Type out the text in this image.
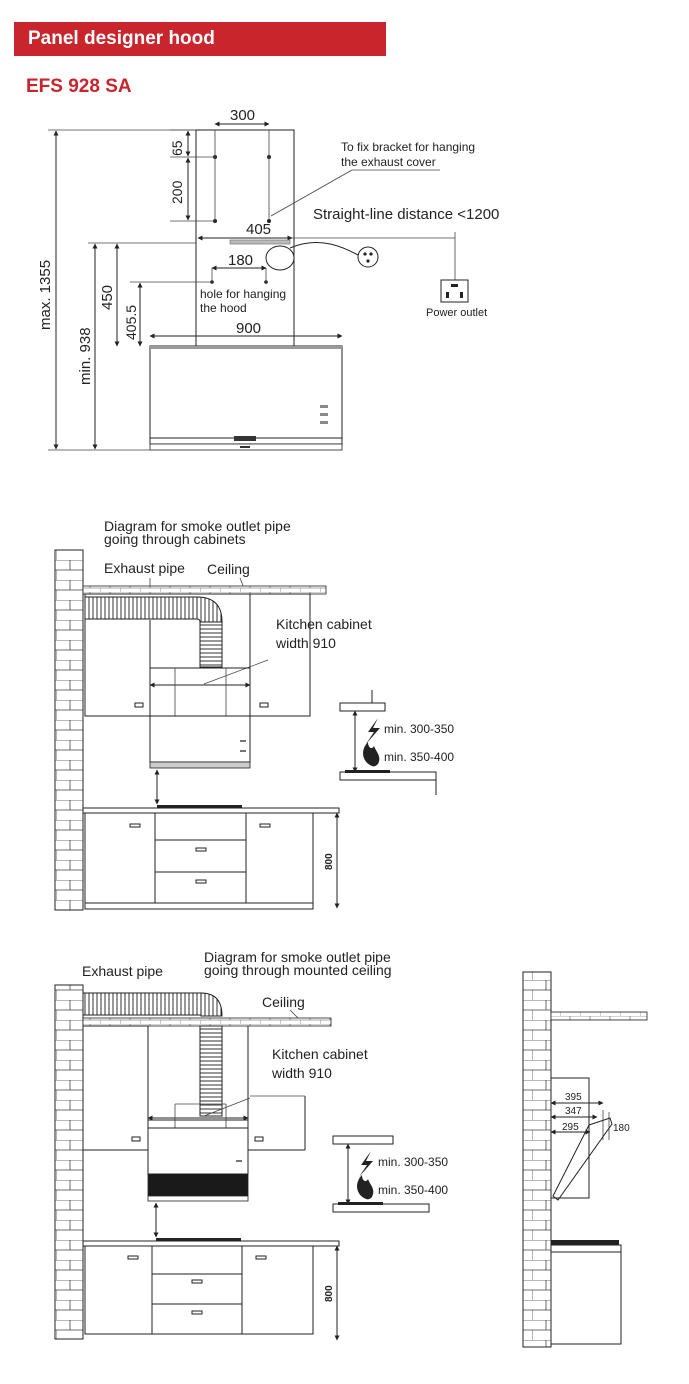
Panel designer hood
EFS 928 SA
300
65
200
To fix bracket for hanging
the exhaust cover
405
Straight-line distance <1200
Power outlet
180
hole for hanging
the hood
450
405.5	900
max. 1355
min. 938
Diagram for smoke outlet pipe
going through cabinets
Exhaust pipe Ceiling
Kitchen cabinet
width 910
800
min. 300-350
min. 350-400
Diagram for smoke outlet pipe
going through mounted ceiling
Exhaust pipe
Ceiling
Kitchen cabinet
width 910
800
min. 300-350
min. 350-400
395
347
295	180
